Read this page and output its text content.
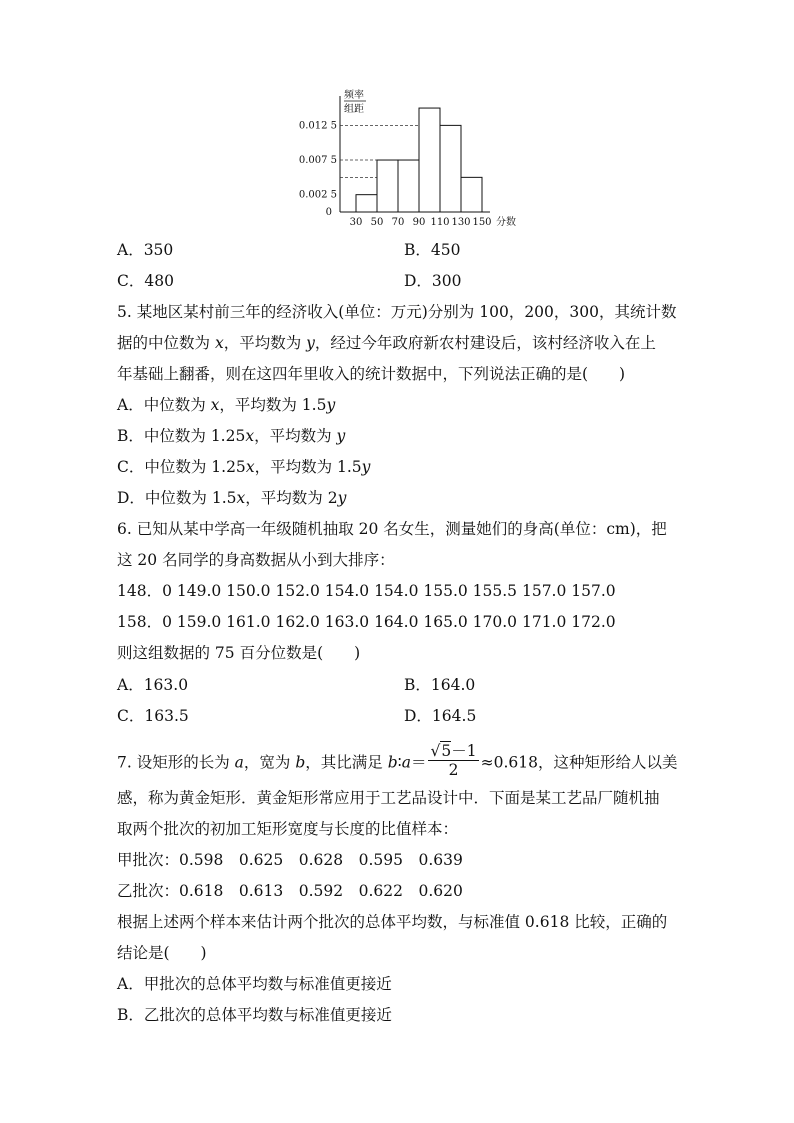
频率
组距
0.012 5
0.007 5
0.002 5
0
30 50 70 90 110 130 150 分数
A．350	B．450
C．480	D．300
5. 某地区某村前三年的经济收入(单位：万元)分别为 100，200，300，其统计数
据的中位数为 x，平均数为 y，经过今年政府新农村建设后，该村经济收入在上
年基础上翻番，则在这四年里收入的统计数据中，下列说法正确的是(　　)
A．中位数为 x，平均数为 1.5y
B．中位数为 1.25x，平均数为 y
C．中位数为 1.25x，平均数为 1.5y
D．中位数为 1.5x，平均数为 2y
6. 已知从某中学高一年级随机抽取 20 名女生，测量她们的身高(单位：cm)，把
这 20 名同学的身高数据从小到大排序：
148．0 149.0 150.0 152.0 154.0 154.0 155.0 155.5 157.0 157.0
158．0 159.0 161.0 162.0 163.0 164.0 165.0 170.0 171.0 172.0
则这组数据的 75 百分位数是(　　)
A．163.0	B．164.0
C．163.5	D．164.5
7. 设矩形的长为 a，宽为 b，其比满足 b∶a＝ $\frac{√5-1}{2} \approx 0.618$，这种矩形给人以美
感，称为黄金矩形．黄金矩形常应用于工艺品设计中．下面是某工艺品厂随机抽
取两个批次的初加工矩形宽度与长度的比值样本：
甲批次：0.598　0.625　0.628　0.595　0.639
乙批次：0.618　0.613　0.592　0.622　0.620
根据上述两个样本来估计两个批次的总体平均数，与标准值 0.618 比较，正确的
结论是(　　)
A．甲批次的总体平均数与标准值更接近
B．乙批次的总体平均数与标准值更接近
